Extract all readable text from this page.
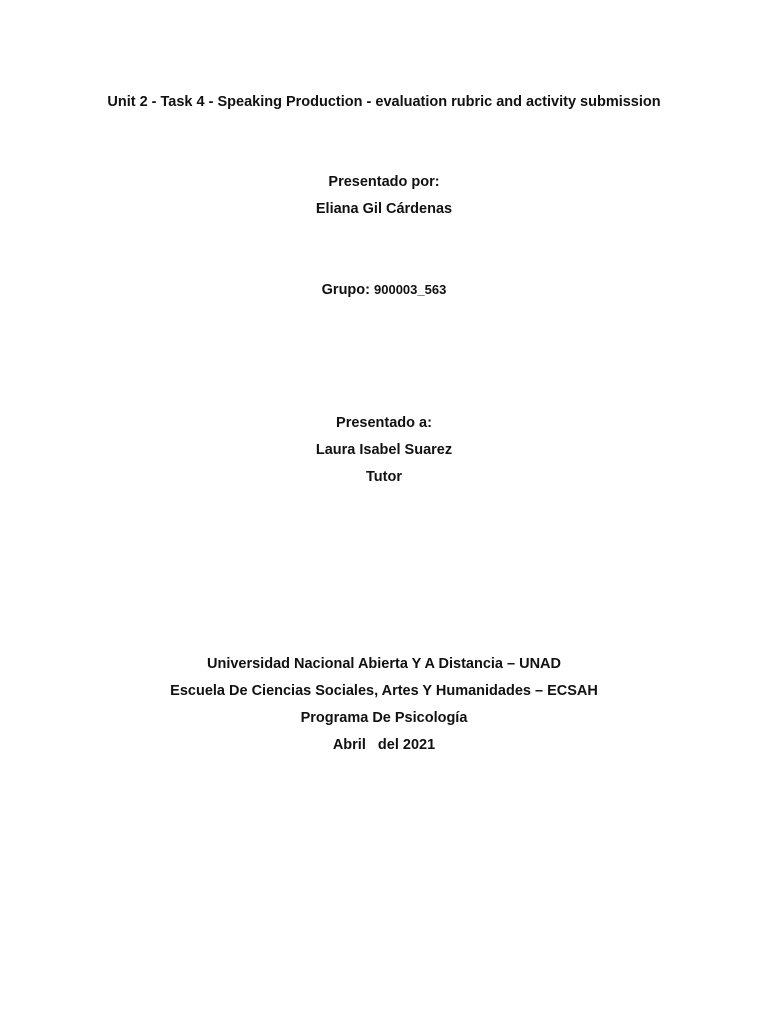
Unit 2 - Task 4 - Speaking Production - evaluation rubric and activity submission
Presentado por:
Eliana Gil Cárdenas
Grupo: 900003_563
Presentado a:
Laura Isabel Suarez
Tutor
Universidad Nacional Abierta Y A Distancia – UNAD
Escuela De Ciencias Sociales, Artes Y Humanidades – ECSAH
Programa De Psicología
Abril   del 2021
